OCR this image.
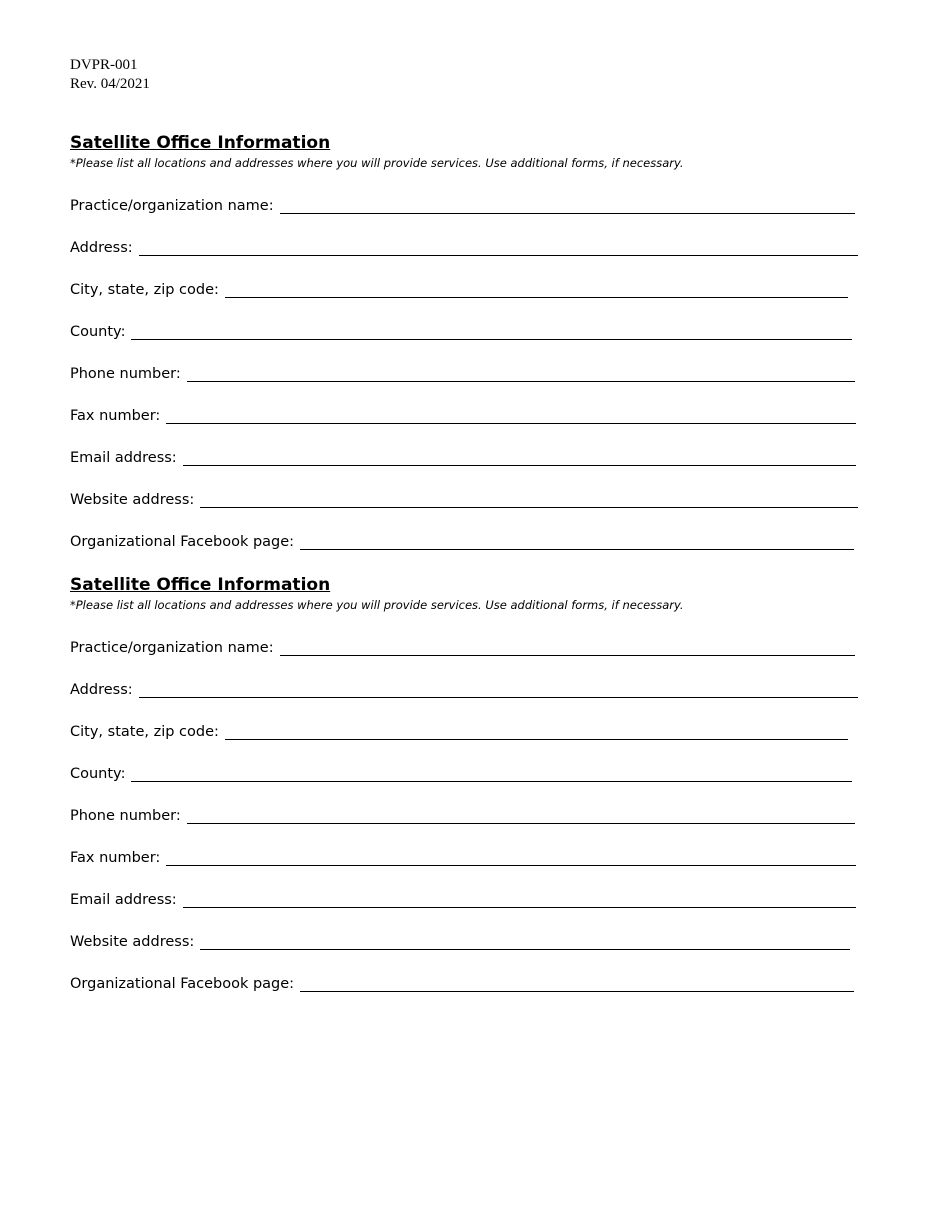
DVPR-001
Rev. 04/2021
Satellite Office Information
*Please list all locations and addresses where you will provide services. Use additional forms, if necessary.
Practice/organization name:
Address:
City, state, zip code:
County:
Phone number:
Fax number:
Email address:
Website address:
Organizational Facebook page:
Satellite Office Information
*Please list all locations and addresses where you will provide services. Use additional forms, if necessary.
Practice/organization name:
Address:
City, state, zip code:
County:
Phone number:
Fax number:
Email address:
Website address:
Organizational Facebook page:
